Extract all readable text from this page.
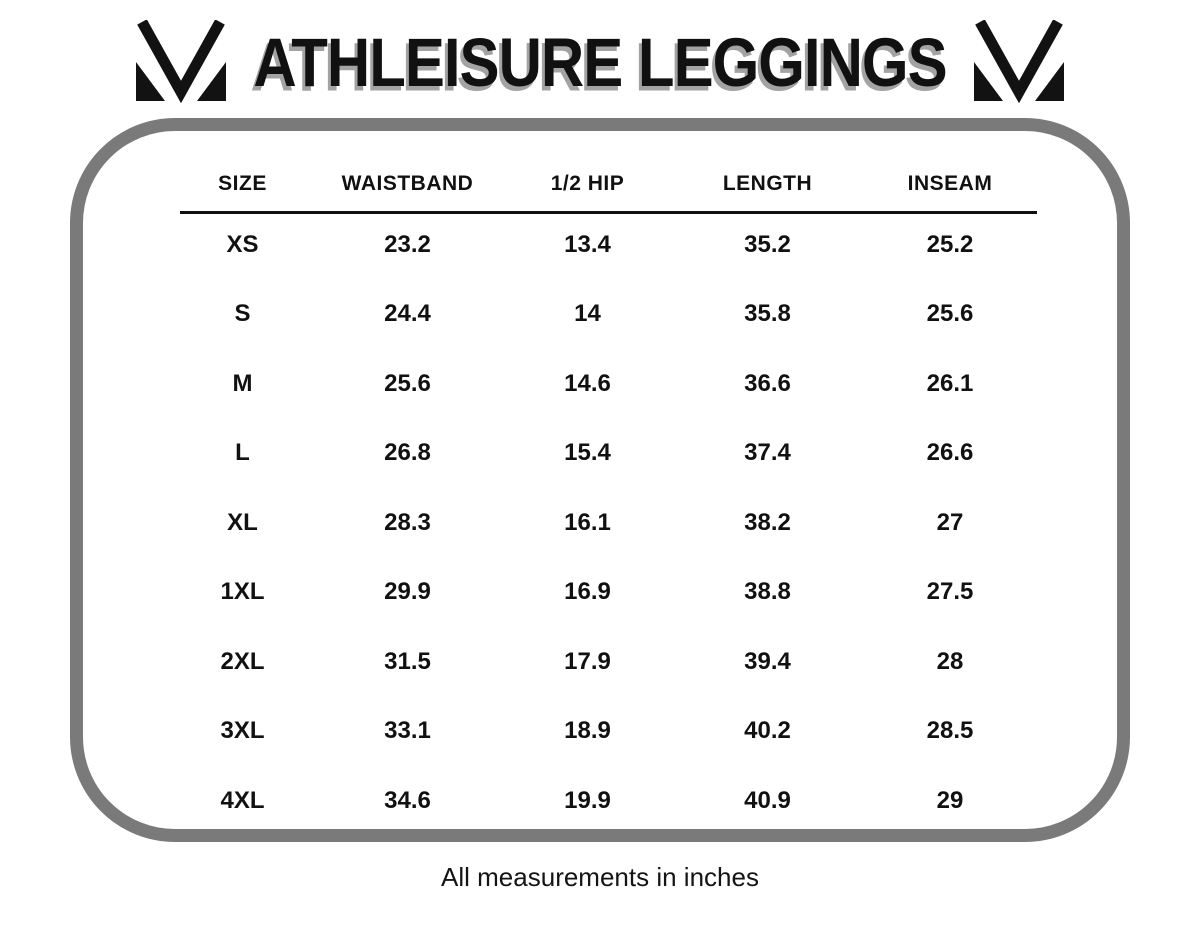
ATHLEISURE LEGGINGS
SIZE	WAISTBAND	1/2 HIP	LENGTH	INSEAM
XS	23.2	13.4	35.2	25.2
S	24.4	14	35.8	25.6
M	25.6	14.6	36.6	26.1
L	26.8	15.4	37.4	26.6
XL	28.3	16.1	38.2	27
1XL	29.9	16.9	38.8	27.5
2XL	31.5	17.9	39.4	28
3XL	33.1	18.9	40.2	28.5
4XL	34.6	19.9	40.9	29
All measurements in inches
